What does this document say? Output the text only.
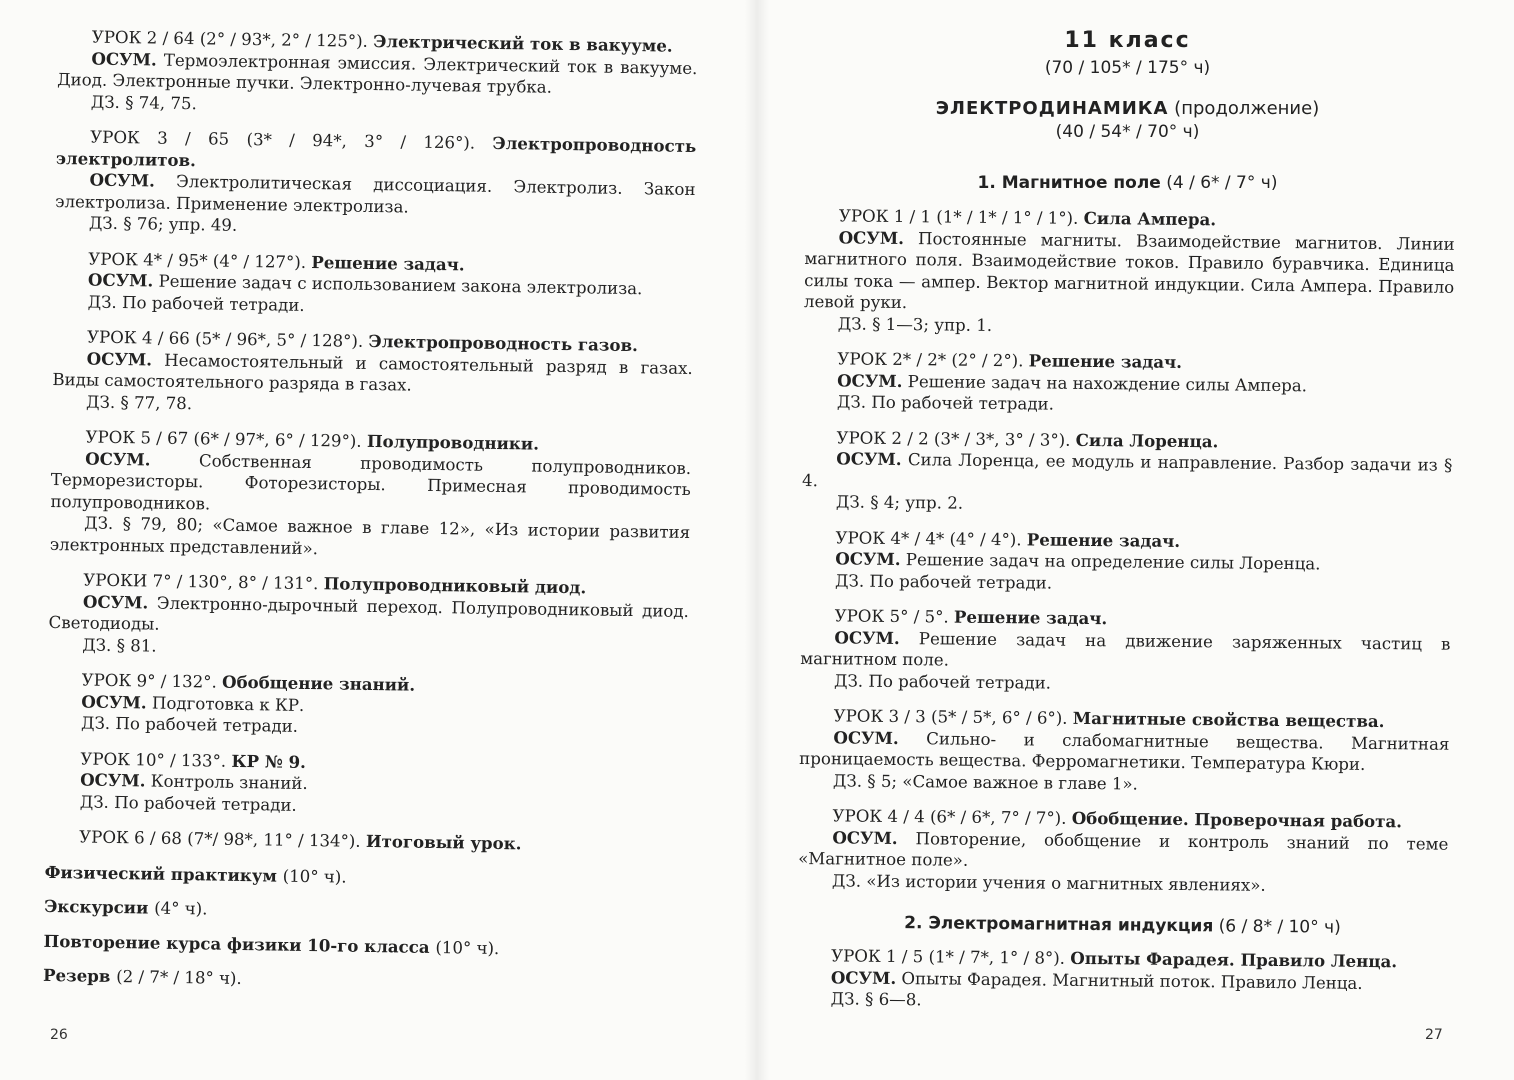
УРОК 2 / 64 (2° / 93*, 2° / 125°). Электрический ток в вакууме.
ОСУМ. Термоэлектронная эмиссия. Электрический ток в вакууме. Диод. Электронные пучки. Электронно-лучевая трубка.
ДЗ. § 74, 75.
УРОК 3 / 65 (3* / 94*, 3° / 126°). Электропроводность электролитов.
ОСУМ. Электролитическая диссоциация. Электролиз. Закон электролиза. Применение электролиза.
ДЗ. § 76; упр. 49.
УРОК 4* / 95* (4° / 127°). Решение задач.
ОСУМ. Решение задач с использованием закона электролиза.
ДЗ. По рабочей тетради.
УРОК 4 / 66 (5* / 96*, 5° / 128°). Электропроводность газов.
ОСУМ. Несамостоятельный и самостоятельный разряд в газах. Виды самостоятельного разряда в газах.
ДЗ. § 77, 78.
УРОК 5 / 67 (6* / 97*, 6° / 129°). Полупроводники.
ОСУМ.	Собственная проводимость полупроводников. Терморезисторы. Фоторезисторы. Примесная проводимость полупроводников.
ДЗ. § 79, 80; «Самое важное в главе 12», «Из истории развития электронных представлений».
УРОКИ 7° / 130°, 8° / 131°. Полупроводниковый диод.
ОСУМ. Электронно-дырочный переход. Полупроводниковый диод. Светодиоды.
ДЗ. § 81.
УРОК 9° / 132°. Обобщение знаний.
ОСУМ. Подготовка к КР.
ДЗ. По рабочей тетради.
УРОК 10° / 133°. КР № 9.
ОСУМ. Контроль знаний.
ДЗ. По рабочей тетради.
УРОК 6 / 68 (7*/ 98*, 11° / 134°). Итоговый урок.
Физический практикум (10° ч).
Экскурсии (4° ч).
Повторение курса физики 10-го класса (10° ч).
Резерв (2 / 7* / 18° ч).
26
11 класс
(70 / 105* / 175° ч)
ЭЛЕКТРОДИНАМИКА (продолжение)
(40 / 54* / 70° ч)
1. Магнитное поле (4 / 6* / 7° ч)
УРОК 1 / 1 (1* / 1* / 1° / 1°). Сила Ампера.
ОСУМ. Постоянные магниты. Взаимодействие магнитов. Линии магнитного поля. Взаимодействие токов. Правило буравчика. Единица силы тока — ампер. Вектор магнитной индукции. Сила Ампера. Правило левой руки.
ДЗ. § 1—3; упр. 1.
УРОК 2* / 2* (2° / 2°). Решение задач.
ОСУМ. Решение задач на нахождение силы Ампера.
ДЗ. По рабочей тетради.
УРОК 2 / 2 (3* / 3*, 3° / 3°). Сила Лоренца.
ОСУМ. Сила Лоренца, ее модуль и направление. Разбор задачи из § 4.
ДЗ. § 4; упр. 2.
УРОК 4* / 4* (4° / 4°). Решение задач.
ОСУМ. Решение задач на определение силы Лоренца.
ДЗ. По рабочей тетради.
УРОК 5° / 5°. Решение задач.
ОСУМ. Решение задач на движение заряженных частиц в магнитном поле.
ДЗ. По рабочей тетради.
УРОК 3 / 3 (5* / 5*, 6° / 6°). Магнитные свойства вещества.
ОСУМ. Сильно- и слабомагнитные вещества. Магнитная проницаемость вещества. Ферромагнетики. Температура Кюри.
ДЗ. § 5; «Самое важное в главе 1».
УРОК 4 / 4 (6* / 6*, 7° / 7°). Обобщение. Проверочная работа.
ОСУМ. Повторение, обобщение и контроль знаний по теме «Магнитное поле».
ДЗ. «Из истории учения о магнитных явлениях».
2. Электромагнитная индукция (6 / 8* / 10° ч)
УРОК 1 / 5 (1* / 7*, 1° / 8°). Опыты Фарадея. Правило Ленца.
ОСУМ. Опыты Фарадея. Магнитный поток. Правило Ленца.
ДЗ. § 6—8.
27
